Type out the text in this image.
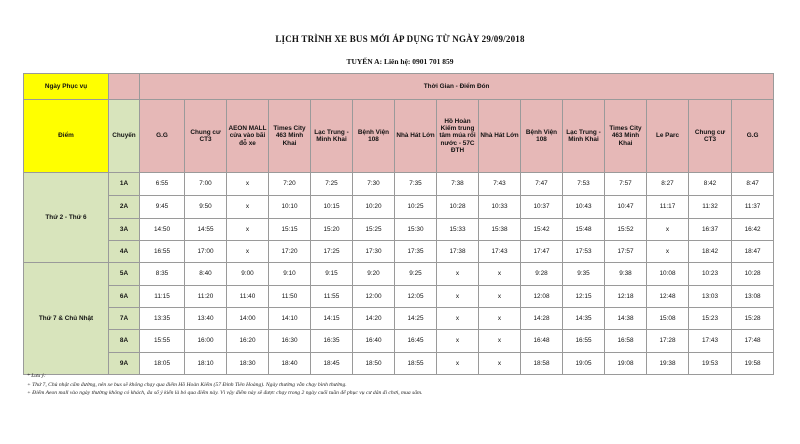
LỊCH TRÌNH XE BUS MỚI ÁP DỤNG TỪ NGÀY 29/09/2018
TUYẾN A: Liên hệ: 0901 701 859
Ngày Phục vụ		Thời Gian - Điểm Đón														
Điểm	Chuyến	G.G	Chung cư CT3	AEON MALL cửa vào bãi đỗ xe	Times City 463 Minh Khai	Lạc Trung - Minh Khai	Bệnh Viện 108	Nhà Hát Lớn	Hồ Hoàn Kiếm trung tâm múa rối nước - 57C ĐTH	Nhà Hát Lớn	Bệnh Viện 108	Lạc Trung - Minh Khai	Times City 463 Minh Khai	Le Parc	Chung cư CT3	G.G
Thứ 2 - Thứ 6	1A	6:55	7:00	x	7:20	7:25	7:30	7:35	7:38	7:43	7:47	7:53	7:57	8:27	8:42	8:47
	2A	9:45	9:50	x	10:10	10:15	10:20	10:25	10:28	10:33	10:37	10:43	10:47	11:17	11:32	11:37
	3A	14:50	14:55	x	15:15	15:20	15:25	15:30	15:33	15:38	15:42	15:48	15:52	x	16:37	16:42
	4A	16:55	17:00	x	17:20	17:25	17:30	17:35	17:38	17:43	17:47	17:53	17:57	x	18:42	18:47
Thứ 7 & Chủ Nhật	5A	8:35	8:40	9:00	9:10	9:15	9:20	9:25	x	x	9:28	9:35	9:38	10:08	10:23	10:28
	6A	11:15	11:20	11:40	11:50	11:55	12:00	12:05	x	x	12:08	12:15	12:18	12:48	13:03	13:08
	7A	13:35	13:40	14:00	14:10	14:15	14:20	14:25	x	x	14:28	14:35	14:38	15:08	15:23	15:28
	8A	15:55	16:00	16:20	16:30	16:35	16:40	16:45	x	x	16:48	16:55	16:58	17:28	17:43	17:48
	9A	18:05	18:10	18:30	18:40	18:45	18:50	18:55	x	x	18:58	19:05	19:08	19:38	19:53	19:58
* Lưu ý:
+ Thứ 7, Chủ nhật cấm đường, nên xe bus sẽ không chạy qua điểm Hồ Hoàn Kiếm (57 Đinh Tiên Hoàng). Ngày thường vẫn chạy bình thường.
+ Điểm Aeon mall vào ngày thường không có khách, đa số ý kiến là bỏ qua điểm này. Vì vậy điểm này sẽ được chạy trong 2 ngày cuối tuần để phục vụ cư dân đi chơi, mua sắm.
